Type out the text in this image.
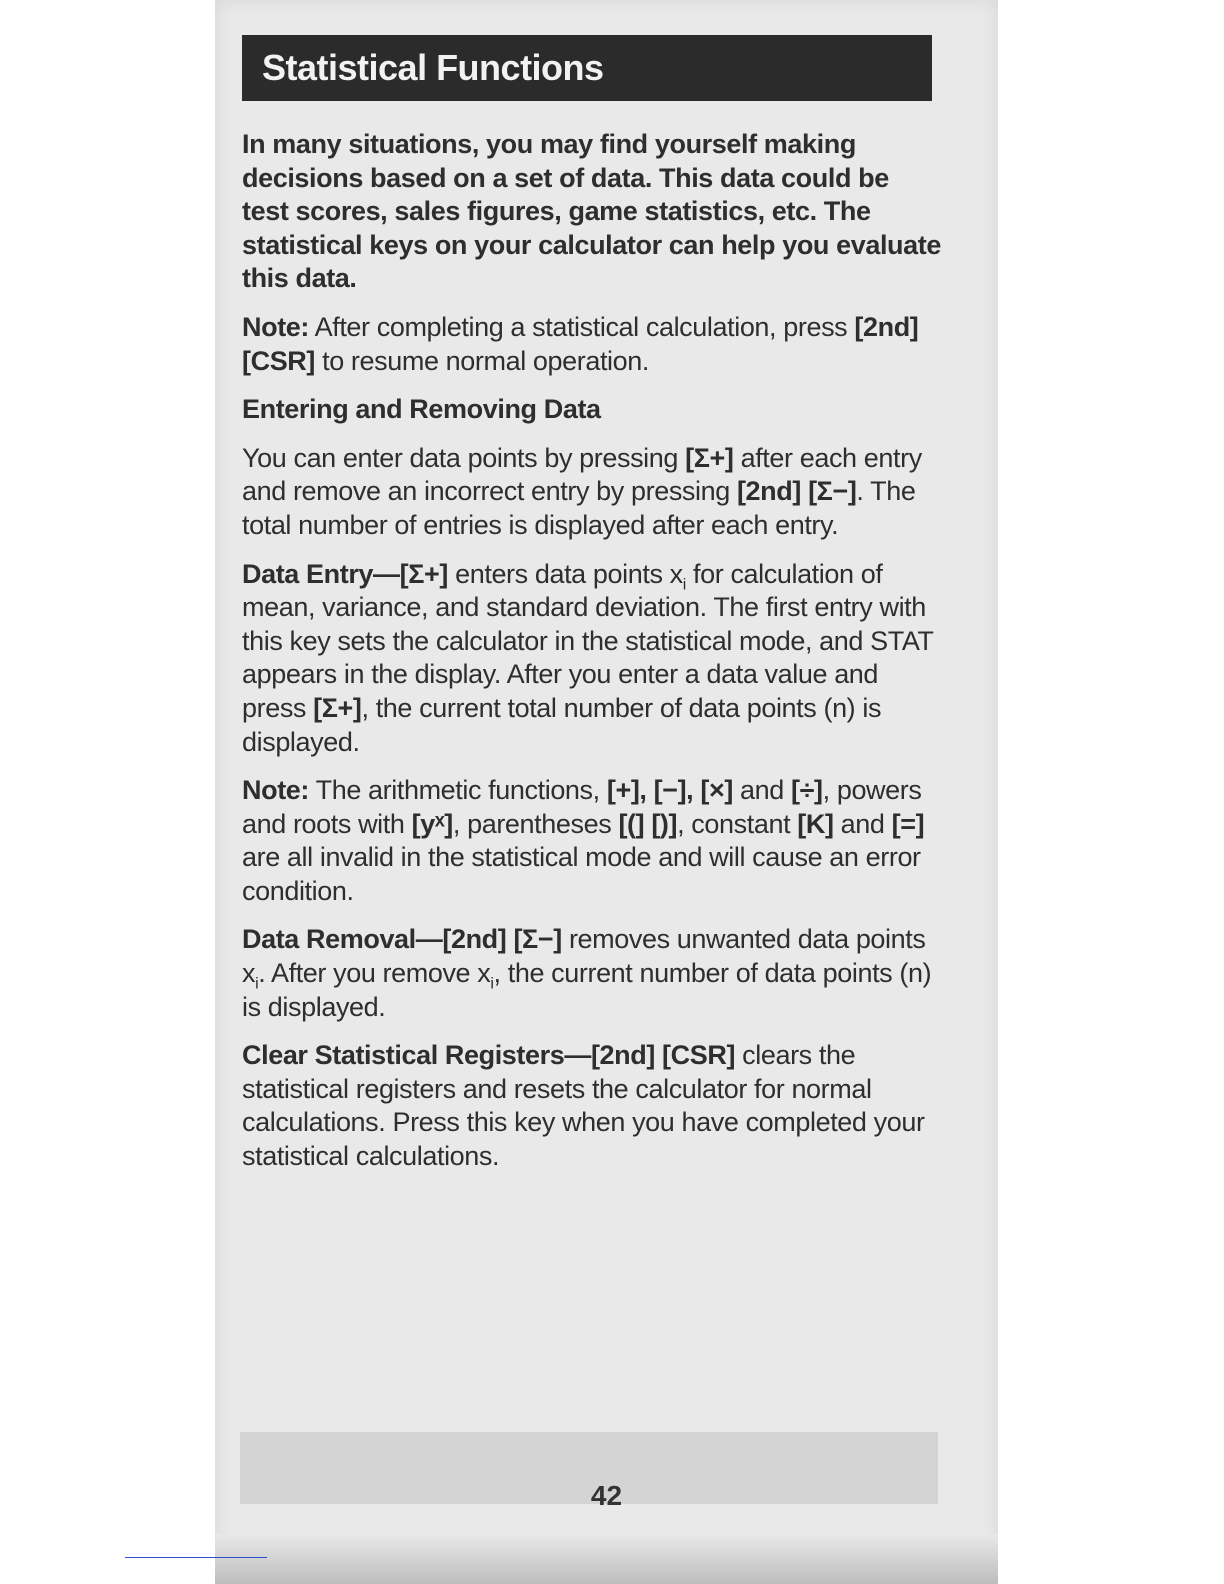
Statistical Functions

In many situations, you may find yourself making decisions based on a set of data. This data could be test scores, sales figures, game statistics, etc. The statistical keys on your calculator can help you evaluate this data.

Note: After completing a statistical calculation, press [2nd] [CSR] to resume normal operation.

Entering and Removing Data

You can enter data points by pressing [Σ+] after each entry and remove an incorrect entry by pressing [2nd] [Σ−]. The total number of entries is displayed after each entry.

Data Entry—[Σ+] enters data points $x_i$ for calculation of mean, variance, and standard deviation. The first entry with this key sets the calculator in the statistical mode, and STAT appears in the display. After you enter a data value and press [Σ+], the current total number of data points (n) is displayed.

Note: The arithmetic functions, [+], [−], [×] and [÷], powers and roots with [yˣ], parentheses [(] [)], constant [K] and [=] are all invalid in the statistical mode and will cause an error condition.

Data Removal—[2nd] [Σ−] removes unwanted data points $x_i$. After you remove $x_i$, the current number of data points (n) is displayed.

Clear Statistical Registers—[2nd] [CSR] clears the statistical registers and resets the calculator for normal calculations. Press this key when you have completed your statistical calculations.

42
